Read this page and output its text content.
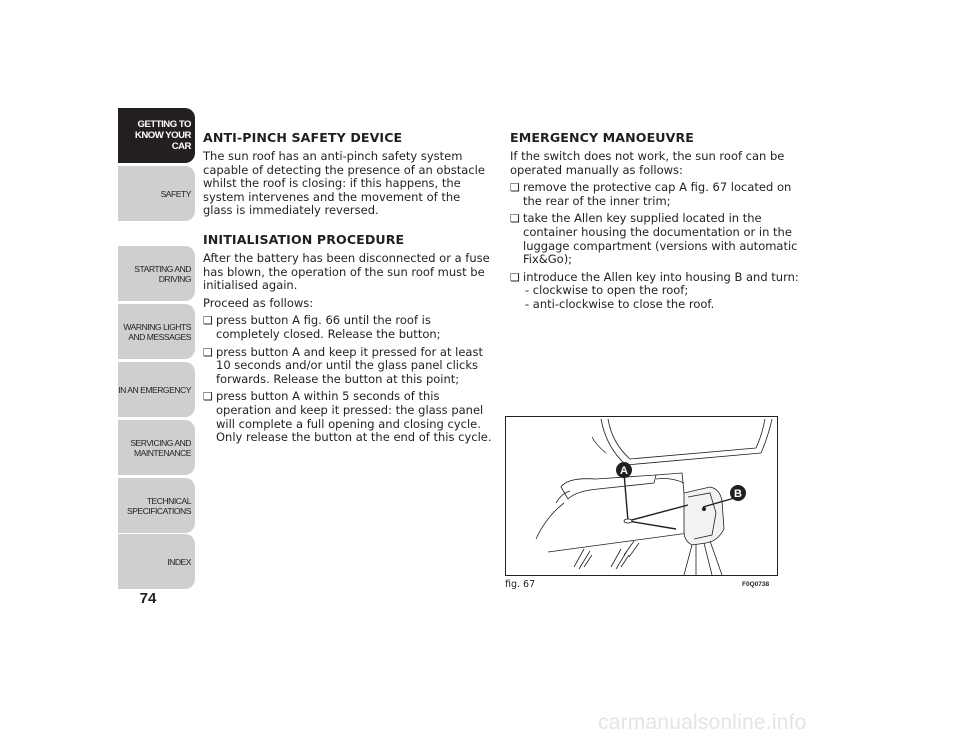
GETTING TO
KNOW YOUR CAR
SAFETY
STARTING AND
DRIVING
WARNING LIGHTS
AND MESSAGES
IN AN EMERGENCY
SERVICING AND
MAINTENANCE
TECHNICAL
SPECIFICATIONS
INDEX
74
ANTI-PINCH SAFETY DEVICE

The sun roof has an anti-pinch safety system capable of detecting the presence of an obstacle whilst the roof is closing: if this happens, the system intervenes and the movement of the glass is immediately reversed.

INITIALISATION PROCEDURE

After the battery has been disconnected or a fuse has blown, the operation of the sun roof must be initialised again.

Proceed as follows:

❑ press button A fig. 66 until the roof is completely closed. Release the button;
❑ press button A and keep it pressed for at least 10 seconds and/or until the glass panel clicks forwards. Release the button at this point;
❑ press button A within 5 seconds of this operation and keep it pressed: the glass panel will complete a full opening and closing cycle. Only release the button at the end of this cycle.
EMERGENCY MANOEUVRE

If the switch does not work, the sun roof can be operated manually as follows:

❑ remove the protective cap A fig. 67 located on the rear of the inner trim;
❑ take the Allen key supplied located in the container housing the documentation or in the luggage compartment (versions with automatic Fix&Go);
❑ introduce the Allen key into housing B and turn:
- clockwise to open the roof;
- anti-clockwise to close the roof.
A
B
fig. 67	F0Q0738
carmanualsonline.info
